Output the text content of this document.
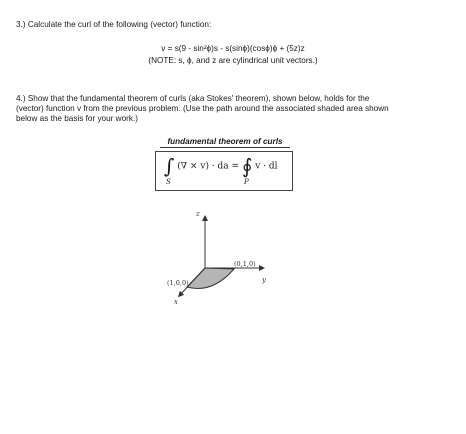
3.) Calculate the curl of the following (vector) function:
v = s(9 - sin²ϕ)s - s(sinϕ)(cosϕ)ϕ + (5z)z
(NOTE: s, ϕ, and z are cylindrical unit vectors.)
4.) Show that the fundamental theorem of curls (aka Stokes' theorem), shown below, holds for the
(vector) function v from the previous problem. (Use the path around the associated shaded area shown
below as the basis for your work.)
fundamental theorem of curls
∫ (∇ × v) · da = ∮ v · dl
S	P
z
y
x
(1,0,0)
(0,1,0)
